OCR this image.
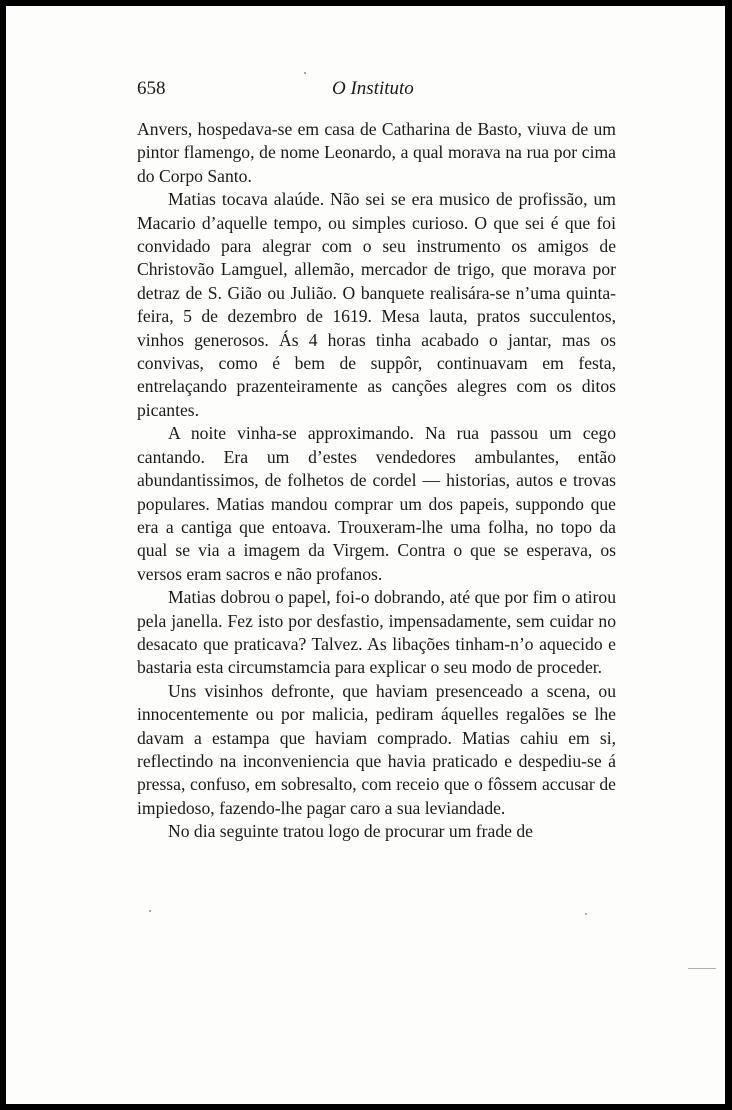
658	O Instituto

Anvers, hospedava-se em casa de Catharina de Basto, viuva de um pintor flamengo, de nome Leonardo, a qual morava na rua por cima do Corpo Santo.

Matias tocava alaúde. Não sei se era musico de profissão, um Macario d’aquelle tempo, ou simples curioso. O que sei é que foi convidado para alegrar com o seu instrumento os amigos de Christovão Lamguel, allemão, mercador de trigo, que morava por detraz de S. Gião ou Julião. O banquete realisára-se n’uma quinta-feira, 5 de dezembro de 1619. Mesa lauta, pratos succulentos, vinhos generosos. Ás 4 horas tinha acabado o jantar, mas os convivas, como é bem de suppôr, continuavam em festa, entrelaçando prazenteiramente as canções alegres com os ditos picantes.

A noite vinha-se approximando. Na rua passou um cego cantando. Era um d’estes vendedores ambulantes, então abundantissimos, de folhetos de cordel — historias, autos e trovas populares. Matias mandou comprar um dos papeis, suppondo que era a cantiga que entoava. Trouxeram-lhe uma folha, no topo da qual se via a imagem da Virgem. Contra o que se esperava, os versos eram sacros e não profanos.

Matias dobrou o papel, foi-o dobrando, até que por fim o atirou pela janella. Fez isto por desfastio, impensadamente, sem cuidar no desacato que praticava? Talvez. As libações tinham-n’o aquecido e bastaria esta circumstamcia para explicar o seu modo de proceder.

Uns visinhos defronte, que haviam presenceado a scena, ou innocentemente ou por malicia, pediram áquelles regalões se lhe davam a estampa que haviam comprado. Matias cahiu em si, reflectindo na inconveniencia que havia praticado e despediu-se á pressa, confuso, em sobresalto, com receio que o fôssem accusar de impiedoso, fazendo-lhe pagar caro a sua leviandade.

No dia seguinte tratou logo de procurar um frade de
